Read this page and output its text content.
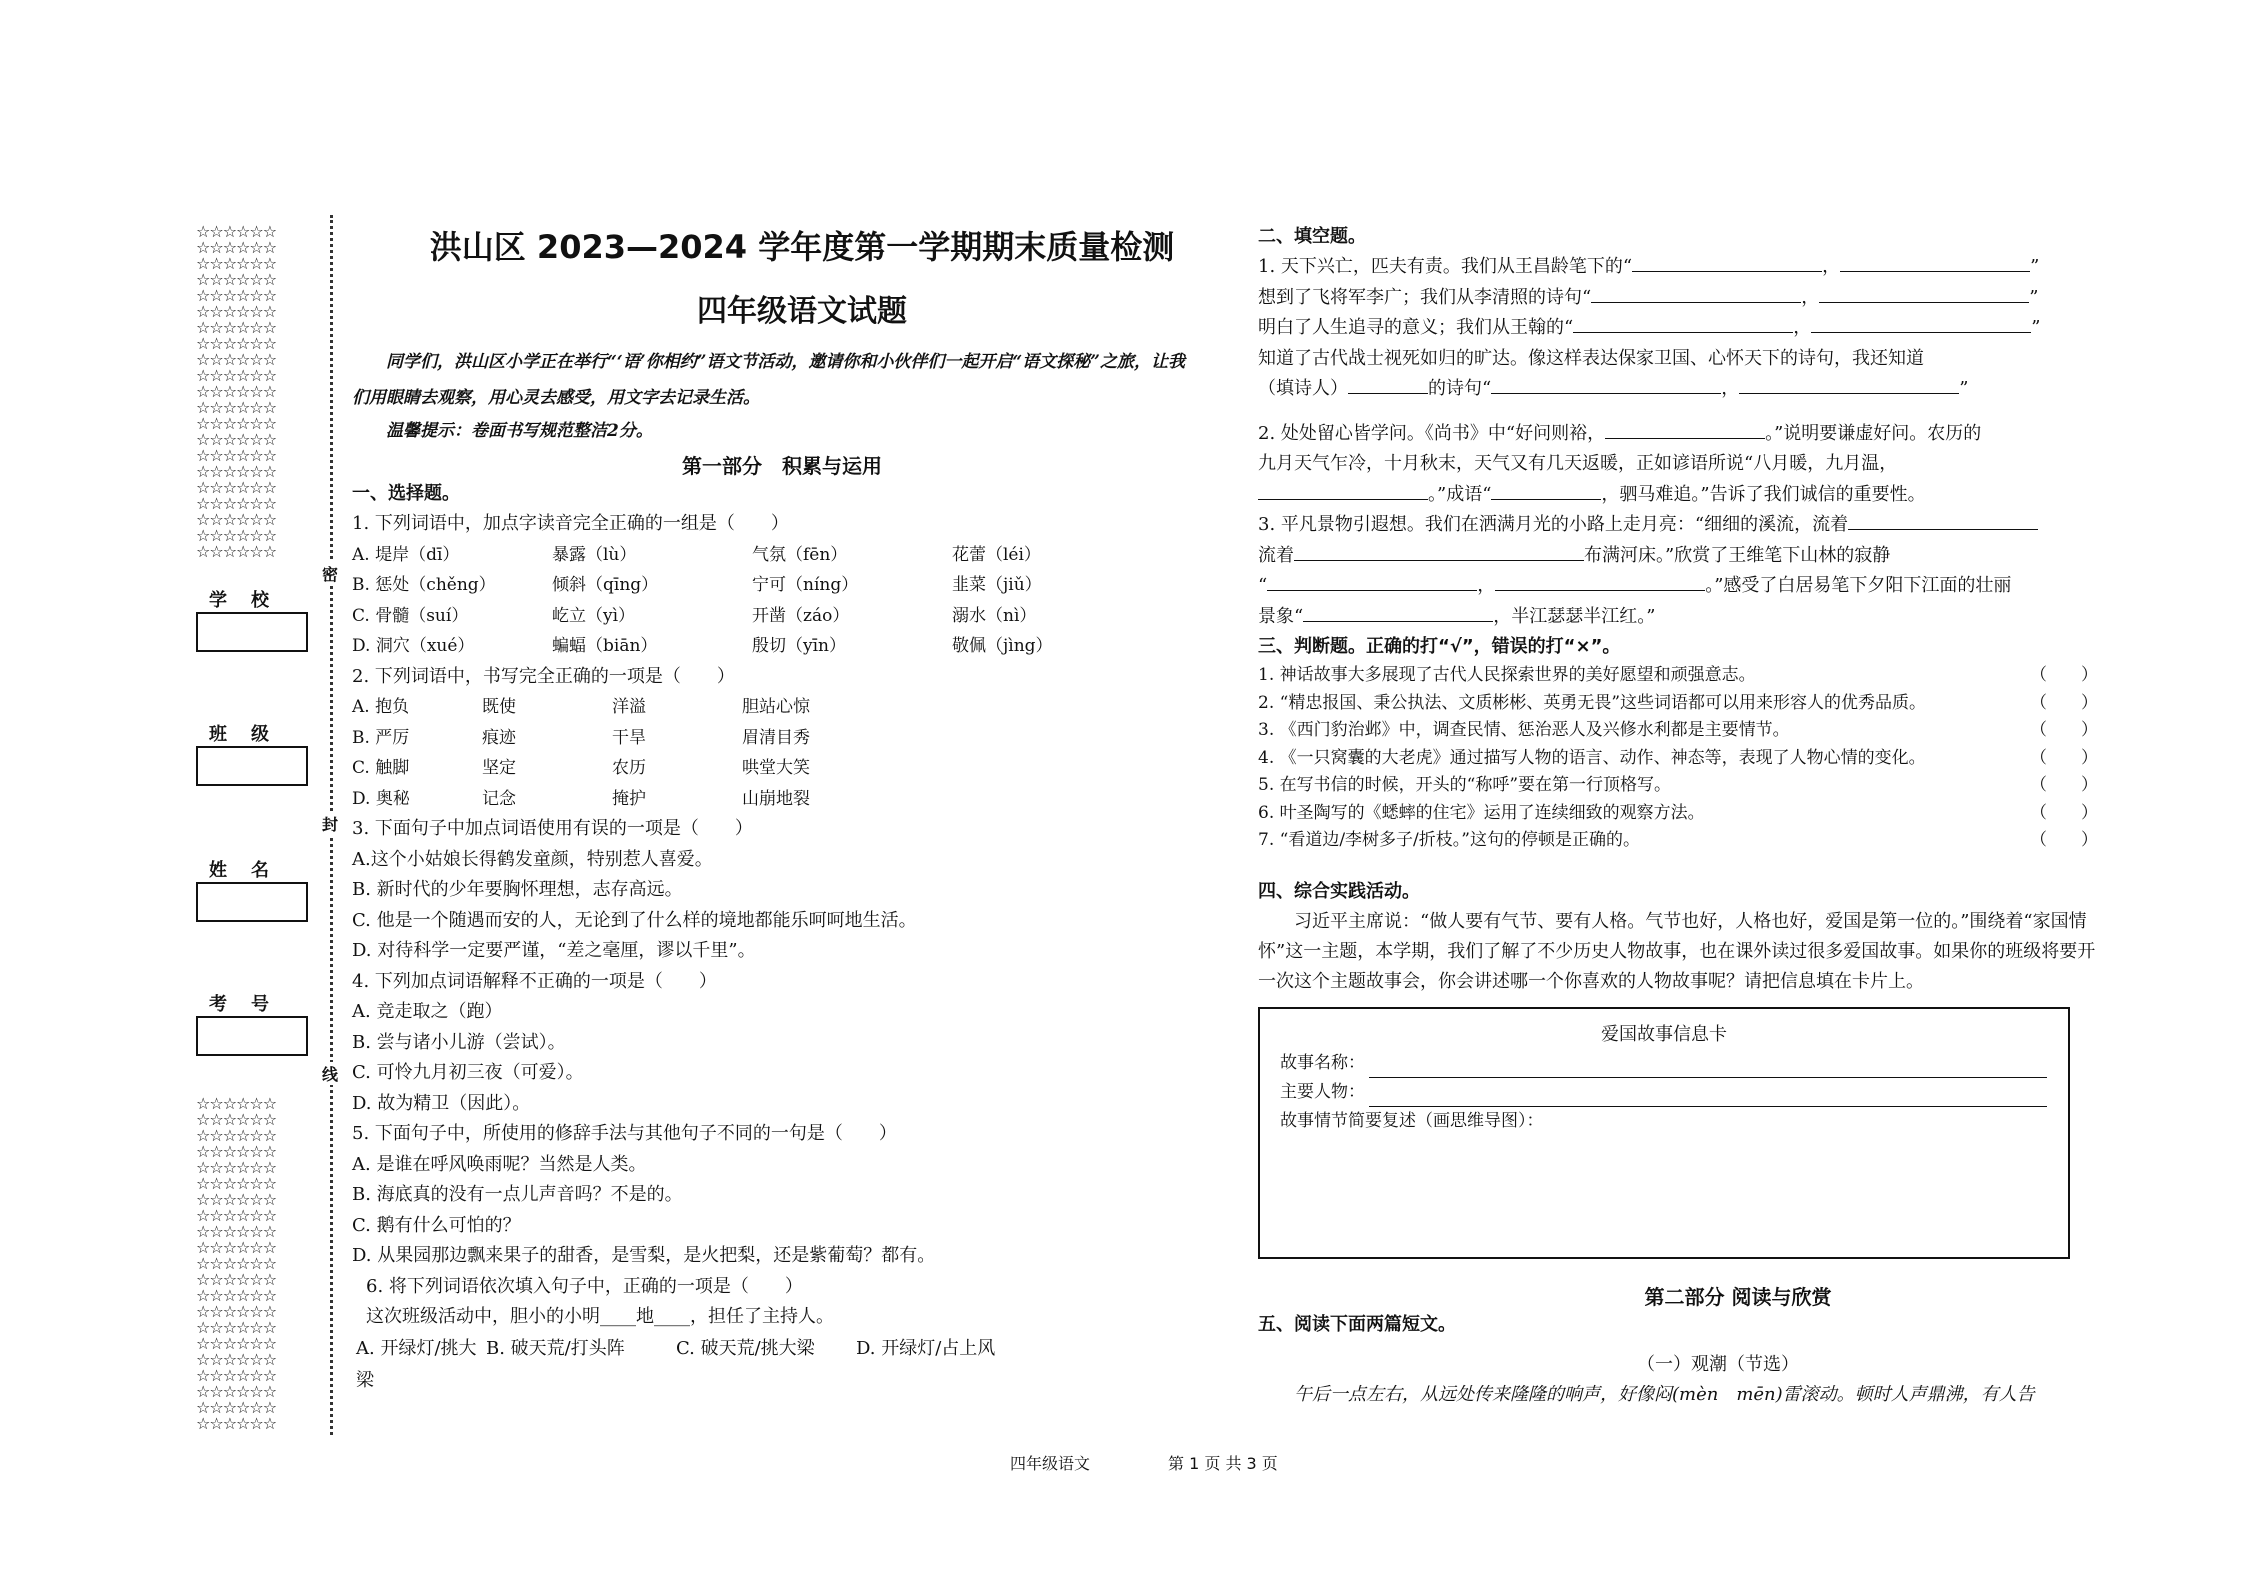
☆☆☆☆☆☆
☆☆☆☆☆☆
☆☆☆☆☆☆
☆☆☆☆☆☆
☆☆☆☆☆☆
☆☆☆☆☆☆
☆☆☆☆☆☆
☆☆☆☆☆☆
☆☆☆☆☆☆
☆☆☆☆☆☆
☆☆☆☆☆☆
☆☆☆☆☆☆
☆☆☆☆☆☆
☆☆☆☆☆☆
☆☆☆☆☆☆
☆☆☆☆☆☆
☆☆☆☆☆☆
☆☆☆☆☆☆
☆☆☆☆☆☆
☆☆☆☆☆☆
☆☆☆☆☆☆
学校
班级
姓名
考号
☆☆☆☆☆☆
☆☆☆☆☆☆
☆☆☆☆☆☆
☆☆☆☆☆☆
☆☆☆☆☆☆
☆☆☆☆☆☆
☆☆☆☆☆☆
☆☆☆☆☆☆
☆☆☆☆☆☆
☆☆☆☆☆☆
☆☆☆☆☆☆
☆☆☆☆☆☆
☆☆☆☆☆☆
☆☆☆☆☆☆
☆☆☆☆☆☆
☆☆☆☆☆☆
☆☆☆☆☆☆
☆☆☆☆☆☆
☆☆☆☆☆☆
☆☆☆☆☆☆
☆☆☆☆☆☆
密
封
线
洪山区 2023—2024 学年度第一学期期末质量检测
四年级语文试题
同学们，洪山区小学正在举行“‘语’你相约”语文节活动，邀请你和小伙伴们一起开启“语文探秘”之旅，让我们用眼睛去观察，用心灵去感受，用文字去记录生活。
温馨提示：卷面书写规范整洁2分。
第一部分　积累与运用
一、选择题。
1. 下列词语中，加点字读音完全正确的一组是（　　）
A. 堤岸（dī）	暴露（lù）	气氛（fēn）	花蕾（léi）
B. 惩处（chěng）	倾斜（qīng）	宁可（níng）	韭菜（jiǔ）
C. 骨髓（suí）	屹立（yì）	开凿（záo）	溺水（nì）
D. 洞穴（xué）	蝙蝠（biān）	殷切（yīn）	敬佩（jìng）
2. 下列词语中，书写完全正确的一项是（　　）
A. 抱负	既使	洋溢	胆站心惊
B. 严厉	痕迹	干旱	眉清目秀
C. 触脚	坚定	农历	哄堂大笑
D. 奥秘	记念	掩护	山崩地裂
3. 下面句子中加点词语使用有误的一项是（　　）
A.这个小姑娘长得鹤发童颜，特别惹人喜爱。
B. 新时代的少年要胸怀理想，志存高远。
C. 他是一个随遇而安的人，无论到了什么样的境地都能乐呵呵地生活。
D. 对待科学一定要严谨，“差之毫厘，谬以千里”。
4. 下列加点词语解释不正确的一项是（　　）
A. 竞走取之（跑）
B. 尝与诸小儿游（尝试）。
C. 可怜九月初三夜（可爱）。
D. 故为精卫（因此）。
5. 下面句子中，所使用的修辞手法与其他句子不同的一句是（　　）
A. 是谁在呼风唤雨呢？当然是人类。
B. 海底真的没有一点儿声音吗？不是的。
C. 鹅有什么可怕的？
D. 从果园那边飘来果子的甜香，是雪梨，是火把梨，还是紫葡萄？都有。
6. 将下列词语依次填入句子中，正确的一项是（　　）
这次班级活动中，胆小的小明____地____，担任了主持人。
A. 开绿灯/挑大梁
B. 破天荒/打头阵	C. 破天荒/挑大梁	D. 开绿灯/占上风
二、填空题。
1. 天下兴亡，匹夫有责。我们从王昌龄笔下的“	，	”
想到了飞将军李广；我们从李清照的诗句“	，	”
明白了人生追寻的意义；我们从王翰的“	，	”
知道了古代战士视死如归的旷达。像这样表达保家卫国、心怀天下的诗句，我还知道
（填诗人）	的诗句“	，	”
2. 处处留心皆学问。《尚书》中“好问则裕，	。”说明要谦虚好问。农历的
九月天气乍冷，十月秋末，天气又有几天返暖，正如谚语所说“八月暖，九月温，
。”成语“	，驷马难追。”告诉了我们诚信的重要性。
3. 平凡景物引遐想。我们在洒满月光的小路上走月亮：“细细的溪流，流着
流着	布满河床。”欣赏了王维笔下山林的寂静
“	，	。”感受了白居易笔下夕阳下江面的壮丽
景象“	，半江瑟瑟半江红。”
三、判断题。正确的打“√”，错误的打“×”。
1. 神话故事大多展现了古代人民探索世界的美好愿望和顽强意志。	（　　）
2. “精忠报国、秉公执法、文质彬彬、英勇无畏”这些词语都可以用来形容人的优秀品质。	（　　）
3. 《西门豹治邺》中，调查民情、惩治恶人及兴修水利都是主要情节。	（　　）
4. 《一只窝囊的大老虎》通过描写人物的语言、动作、神态等，表现了人物心情的变化。	（　　）
5. 在写书信的时候，开头的“称呼”要在第一行顶格写。	（　　）
6. 叶圣陶写的《蟋蟀的住宅》运用了连续细致的观察方法。	（　　）
7. “看道边/李树多子/折枝。”这句的停顿是正确的。	（　　）
四、综合实践活动。
习近平主席说：“做人要有气节、要有人格。气节也好，人格也好，爱国是第一位的。”围绕着“家国情怀”这一主题，本学期，我们了解了不少历史人物故事，也在课外读过很多爱国故事。如果你的班级将要开一次这个主题故事会，你会讲述哪一个你喜欢的人物故事呢？请把信息填在卡片上。
爱国故事信息卡
故事名称：
主要人物：
故事情节简要复述（画思维导图）：
第二部分 阅读与欣赏
五、阅读下面两篇短文。
（一）观潮（节选）
午后一点左右，从远处传来隆隆的响声，好像闷(mèn　mēn)雷滚动。顿时人声鼎沸，有人告
四年级语文	第 1 页 共 3 页
